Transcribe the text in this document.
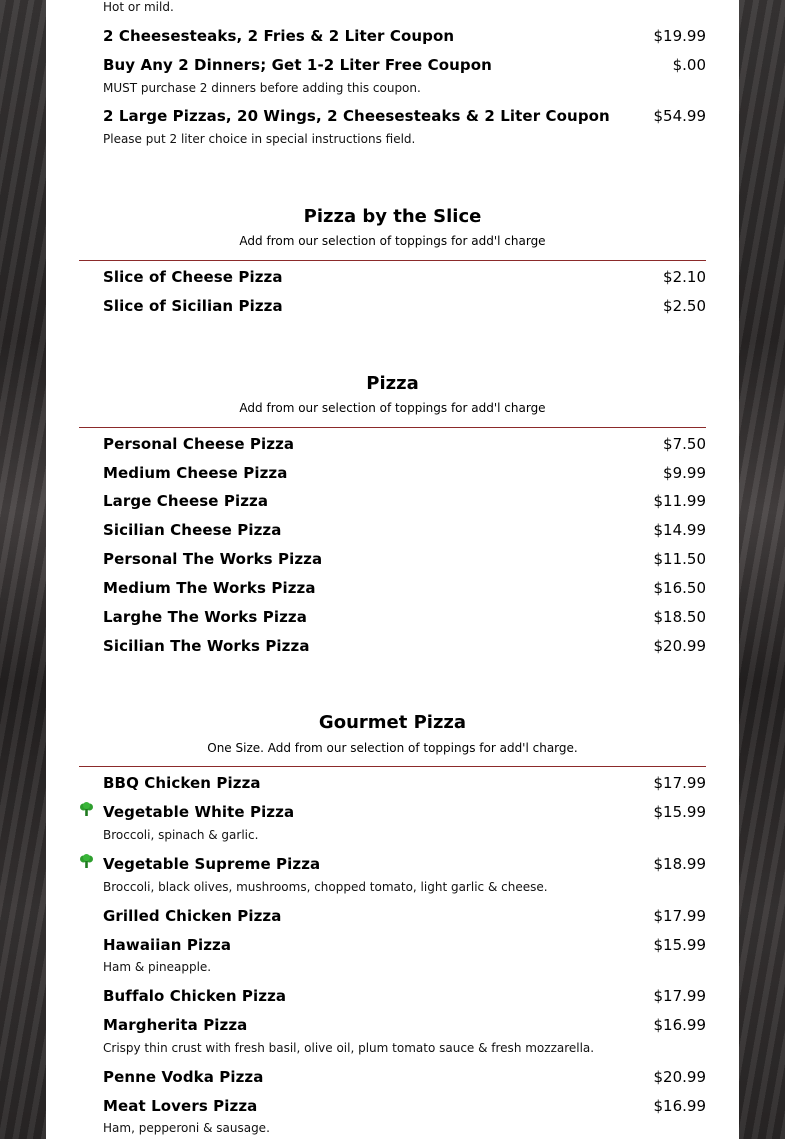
Hot or mild.
2 Cheesesteaks, 2 Fries & 2 Liter Coupon	$19.99
Buy Any 2 Dinners; Get 1-2 Liter Free Coupon	$.00
MUST purchase 2 dinners before adding this coupon.
2 Large Pizzas, 20 Wings, 2 Cheesesteaks & 2 Liter Coupon	$54.99
Please put 2 liter choice in special instructions field.
Pizza by the Slice
Add from our selection of toppings for add'l charge
Slice of Cheese Pizza	$2.10
Slice of Sicilian Pizza	$2.50
Pizza
Add from our selection of toppings for add'l charge
Personal Cheese Pizza	$7.50
Medium Cheese Pizza	$9.99
Large Cheese Pizza	$11.99
Sicilian Cheese Pizza	$14.99
Personal The Works Pizza	$11.50
Medium The Works Pizza	$16.50
Larghe The Works Pizza	$18.50
Sicilian The Works Pizza	$20.99
Gourmet Pizza
One Size. Add from our selection of toppings for add'l charge.
BBQ Chicken Pizza	$17.99
Vegetable White Pizza	$15.99
Broccoli, spinach & garlic.
Vegetable Supreme Pizza	$18.99
Broccoli, black olives, mushrooms, chopped tomato, light garlic & cheese.
Grilled Chicken Pizza	$17.99
Hawaiian Pizza	$15.99
Ham & pineapple.
Buffalo Chicken Pizza	$17.99
Margherita Pizza	$16.99
Crispy thin crust with fresh basil, olive oil, plum tomato sauce & fresh mozzarella.
Penne Vodka Pizza	$20.99
Meat Lovers Pizza	$16.99
Ham, pepperoni & sausage.
